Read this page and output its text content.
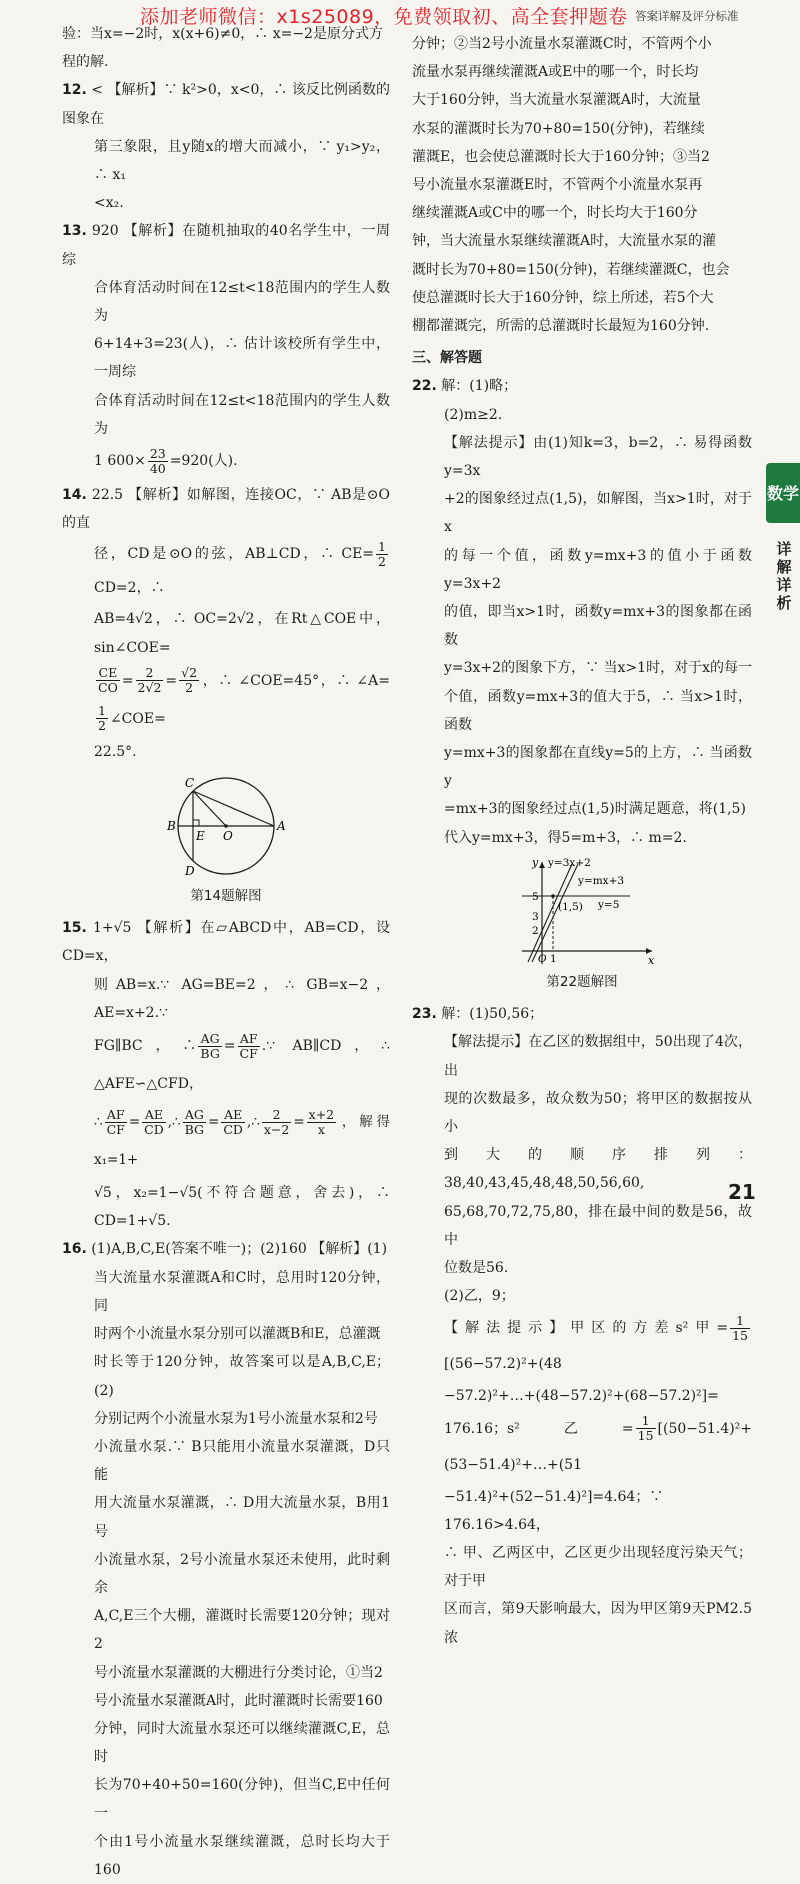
添加老师微信：x1s25089，免费领取初、高全套押题卷 答案详解及评分标准

验：当x=−2时，x(x+6)≠0，∴ x=−2是原分式方

程的解.

12. < 【解析】∵ k²>0，x<0，∴ 该反比例函数的图象在

第三象限，且y随x的增大而减小，∵ y₁>y₂，∴ x₁

<x₂.

13. 920 【解析】在随机抽取的40名学生中，一周综

合体育活动时间在12≤t<18范围内的学生人数为

6+14+3=23(人)，∴ 估计该校所有学生中，一周综

合体育活动时间在12≤t<18范围内的学生人数为

1 $600\times \frac{23}{40} =920$(人).

14. 22.5 【解析】如解图，连接OC，∵ AB是⊙O的直

径，CD是⊙O的弦，AB⊥CD，∴ $CE= \frac{1}{2}$
CD=2，∴

AB=4√2，∴ OC=2√2，在Rt△COE中，sin∠COE=

$\frac{CE}{CO} = \frac{2}{2√2} = \frac{√2}{2}$ ，∴ ∠COE=45°，∴ ∠A=
$\frac{1}{2}$ ∠COE=

22.5°.

C
B
E O
A
D

第14题解图

15. 1+√5 【解析】在▱ABCD中，AB=CD，设CD=x，

则AB=x.∵ AG=BE=2，∴ GB=x−2，AE=x+2.∵

FG∥BC，∴ $\frac{AG}{BG} = \frac{AF}{CF}$ .∵ AB∥CD，∴ △AFE∽△CFD，

∴ $\frac{AF}{CF} = \frac{AE}{CD}$ ,∴ $\frac{AG}{BG} = \frac{AE}{CD}$ ,∴ $\frac{2}{x-2} = \frac{x+2}{x}$ ，解得x₁=1+

√5，x₂=1−√5(不符合题意，舍去)，∴ CD=1+√5.

16. (1)A,B,C,E(答案不唯一)；(2)160 【解析】(1)

当大流量水泵灌溉A和C时，总用时120分钟，同

时两个小流量水泵分别可以灌溉B和E，总灌溉

时长等于120分钟，故答案可以是A,B,C,E；(2)

分别记两个小流量水泵为1号小流量水泵和2号

小流量水泵.∵ B只能用小流量水泵灌溉，D只能

用大流量水泵灌溉，∴ D用大流量水泵，B用1号

小流量水泵，2号小流量水泵还未使用，此时剩余

A,C,E三个大棚，灌溉时长需要120分钟；现对2

号小流量水泵灌溉的大棚进行分类讨论，①当2

号小流量水泵灌溉A时，此时灌溉时长需要160

分钟，同时大流量水泵还可以继续灌溉C,E，总时

长为70+40+50=160(分钟)，但当C,E中任何一

个由1号小流量水泵继续灌溉，总时长均大于160

分钟；②当2号小流量水泵灌溉C时，不管两个小

流量水泵再继续灌溉A或E中的哪一个，时长均

大于160分钟，当大流量水泵灌溉A时，大流量

水泵的灌溉时长为70+80=150(分钟)，若继续

灌溉E，也会使总灌溉时长大于160分钟；③当2

号小流量水泵灌溉E时，不管两个小流量水泵再

继续灌溉A或C中的哪一个，时长均大于160分

钟，当大流量水泵继续灌溉A时，大流量水泵的灌

溉时长为70+80=150(分钟)，若继续灌溉C，也会

使总灌溉时长大于160分钟，综上所述，若5个大

棚都灌溉完，所需的总灌溉时长最短为160分钟.

三、解答题

22. 解：(1)略；

(2)m≥2.

【解法提示】由(1)知k=3，b=2，∴ 易得函数y=3x

+2的图象经过点(1,5)，如解图，当x>1时，对于x

的每一个值，函数y=mx+3的值小于函数y=3x+2

的值，即当x>1时，函数y=mx+3的图象都在函数

y=3x+2的图象下方，∵ 当x>1时，对于x的每一

个值，函数y=mx+3的值大于5，∴ 当x>1时，函数

y=mx+3的图象都在直线y=5的上方，∴ 当函数y

=mx+3的图象经过点(1,5)时满足题意，将(1,5)

代入y=mx+3，得5=m+3，∴ m=2.

y y=3x+2
y=mx+3
5
(1,5) y=5
3
2
O 1	x

第22题解图

23. 解：(1)50,56；

【解法提示】在乙区的数据组中，50出现了4次，出

现的次数最多，故众数为50；将甲区的数据按从小

到大的顺序排列：38,40,43,45,48,48,50,56,60,

65,68,70,72,75,80，排在最中间的数是56，故中

位数是56.

(2)乙，9；

【解法提示】甲区的方差s²甲= $\frac{1}{15}$
[(56−57.2)²+(48

−57.2)²+…+(48−57.2)²+(68−57.2)²]=

176.16；s²乙= $\frac{1}{15}$ [(50−51.4)²+(53−51.4)²+…+(51

−51.4)²+(52−51.4)²]=4.64；∵ 176.16>4.64，

∴ 甲、乙两区中，乙区更少出现轻度污染天气；对于甲

区而言，第9天影响最大，因为甲区第9天PM2.5浓

数学
详解详析
21
